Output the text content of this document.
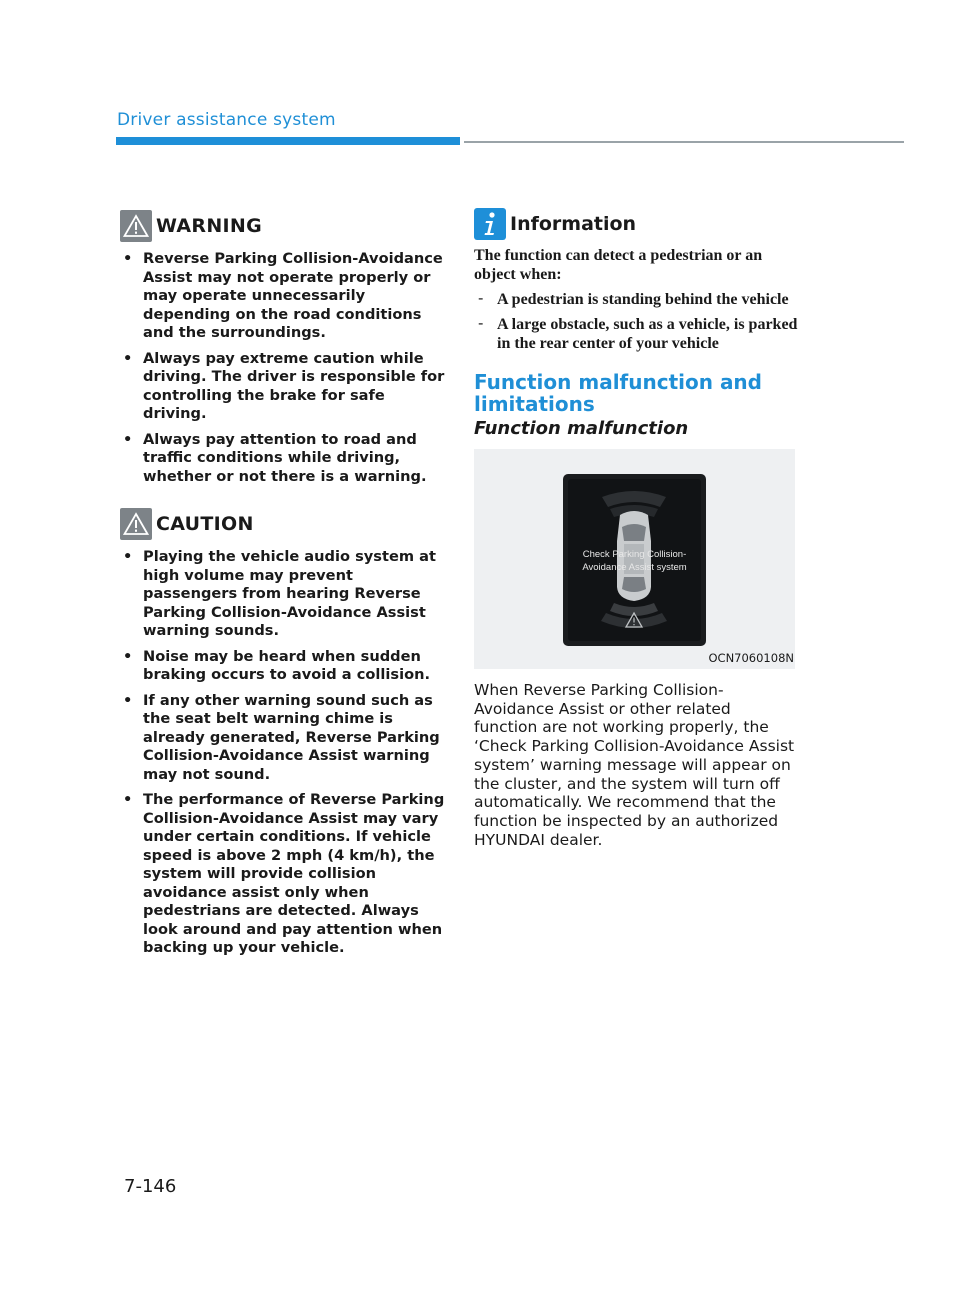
Driver assistance system
WARNING
• Reverse Parking Collision-Avoidance Assist may not operate properly or may operate unnecessarily depending on the road conditions and the surroundings.
• Always pay extreme caution while driving. The driver is responsible for controlling the brake for safe driving.
• Always pay attention to road and traffic conditions while driving, whether or not there is a warning.
CAUTION
• Playing the vehicle audio system at high volume may prevent passengers from hearing Reverse Parking Collision-Avoidance Assist warning sounds.
• Noise may be heard when sudden braking occurs to avoid a collision.
• If any other warning sound such as the seat belt warning chime is already generated, Reverse Parking Collision-Avoidance Assist warning may not sound.
• The performance of Reverse Parking Collision-Avoidance Assist may vary under certain conditions. If vehicle speed is above 2 mph (4 km/h), the system will provide collision avoidance assist only when pedestrians are detected. Always look around and pay attention when backing up your vehicle.
Information
The function can detect a pedestrian or an object when:
- A pedestrian is standing behind the vehicle
- A large obstacle, such as a vehicle, is parked in the rear center of your vehicle
Function malfunction and limitations
Function malfunction
Check Parking Collision-
Avoidance Assist system
OCN7060108N
When Reverse Parking Collision-Avoidance Assist or other related function are not working properly, the ‘Check Parking Collision-Avoidance Assist system’ warning message will appear on the cluster, and the system will turn off automatically. We recommend that the function be inspected by an authorized HYUNDAI dealer.
7-146
